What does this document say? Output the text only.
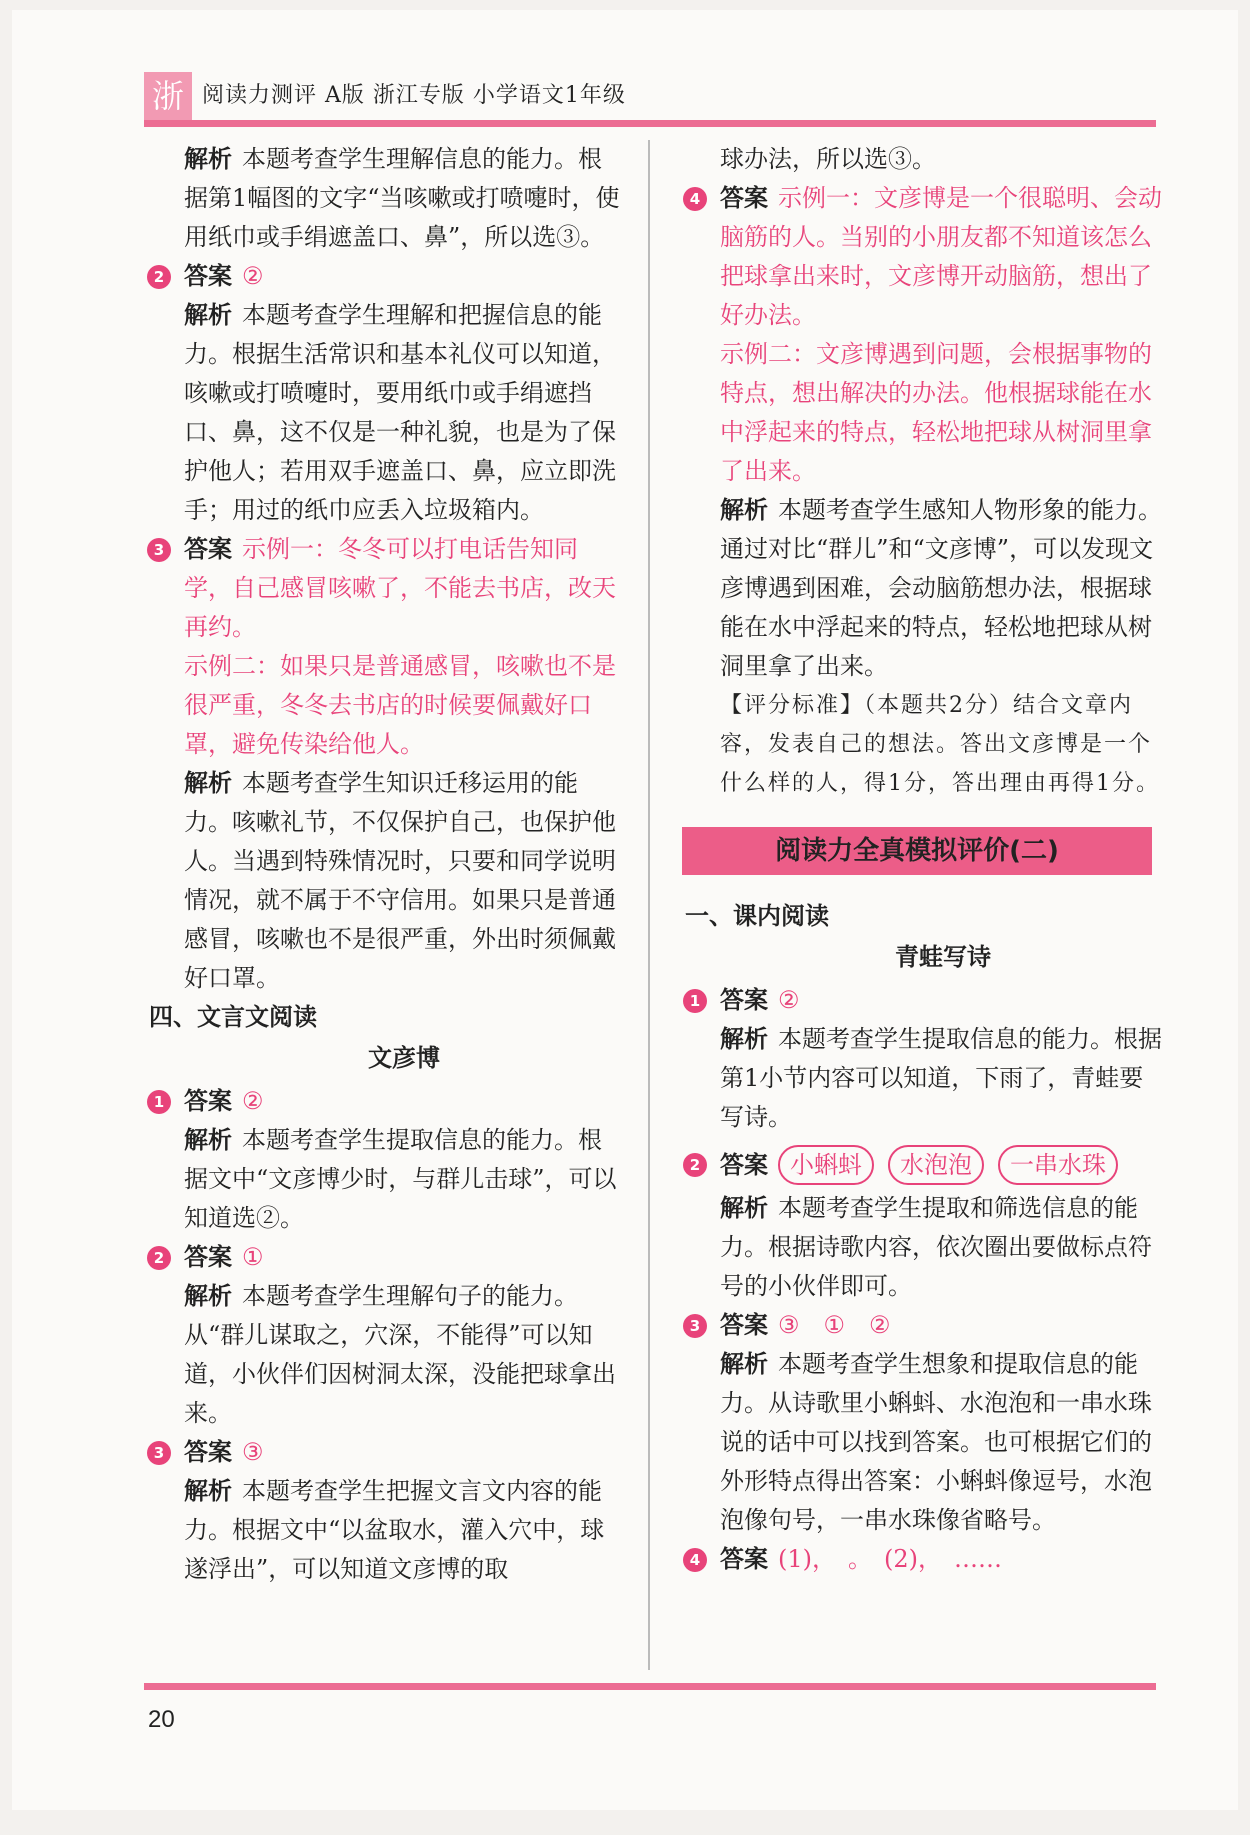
浙 阅读力测评 A版 浙江专版 小学语文1年级

解析 本题考查学生理解信息的能力。根据第1幅图的文字“当咳嗽或打喷嚏时，使用纸巾或手绢遮盖口、鼻”，所以选③。

2 答案 ②

解析 本题考查学生理解和把握信息的能力。根据生活常识和基本礼仪可以知道，咳嗽或打喷嚏时，要用纸巾或手绢遮挡口、鼻，这不仅是一种礼貌，也是为了保护他人；若用双手遮盖口、鼻，应立即洗手；用过的纸巾应丢入垃圾箱内。

3 答案 示例一：冬冬可以打电话告知同学，自己感冒咳嗽了，不能去书店，改天再约。

示例二：如果只是普通感冒，咳嗽也不是很严重，冬冬去书店的时候要佩戴好口罩，避免传染给他人。

解析 本题考查学生知识迁移运用的能力。咳嗽礼节，不仅保护自己，也保护他人。当遇到特殊情况时，只要和同学说明情况，就不属于不守信用。如果只是普通感冒，咳嗽也不是很严重，外出时须佩戴好口罩。

四、文言文阅读

文彦博

1 答案 ②

解析 本题考查学生提取信息的能力。根据文中“文彦博少时，与群儿击球”，可以知道选②。

2 答案 ①

解析 本题考查学生理解句子的能力。从“群儿谋取之，穴深，不能得”可以知道，小伙伴们因树洞太深，没能把球拿出来。

3 答案 ③

解析 本题考查学生把握文言文内容的能力。根据文中“以盆取水，灌入穴中，球遂浮出”，可以知道文彦博的取

球办法，所以选③。

4 答案 示例一：文彦博是一个很聪明、会动脑筋的人。当别的小朋友都不知道该怎么把球拿出来时，文彦博开动脑筋，想出了好办法。

示例二：文彦博遇到问题，会根据事物的特点，想出解决的办法。他根据球能在水中浮起来的特点，轻松地把球从树洞里拿了出来。

解析 本题考查学生感知人物形象的能力。通过对比“群儿”和“文彦博”，可以发现文彦博遇到困难，会动脑筋想办法，根据球能在水中浮起来的特点，轻松地把球从树洞里拿了出来。

【评分标准】（本题共2分）结合文章内容，发表自己的想法。答出文彦博是一个什么样的人，得1分，答出理由再得1分。

阅读力全真模拟评价(二)

一、课内阅读

青蛙写诗

1 答案 ②

解析 本题考查学生提取信息的能力。根据第1小节内容可以知道，下雨了，青蛙要写诗。

2 答案 小蝌蚪 水泡泡 一串水珠

解析 本题考查学生提取和筛选信息的能力。根据诗歌内容，依次圈出要做标点符号的小伙伴即可。

3 答案 ③　①　②

解析 本题考查学生想象和提取信息的能力。从诗歌里小蝌蚪、水泡泡和一串水珠说的话中可以找到答案。也可根据它们的外形特点得出答案：小蝌蚪像逗号，水泡泡像句号，一串水珠像省略号。

4 答案 (1)，　。　(2)，　……

20
